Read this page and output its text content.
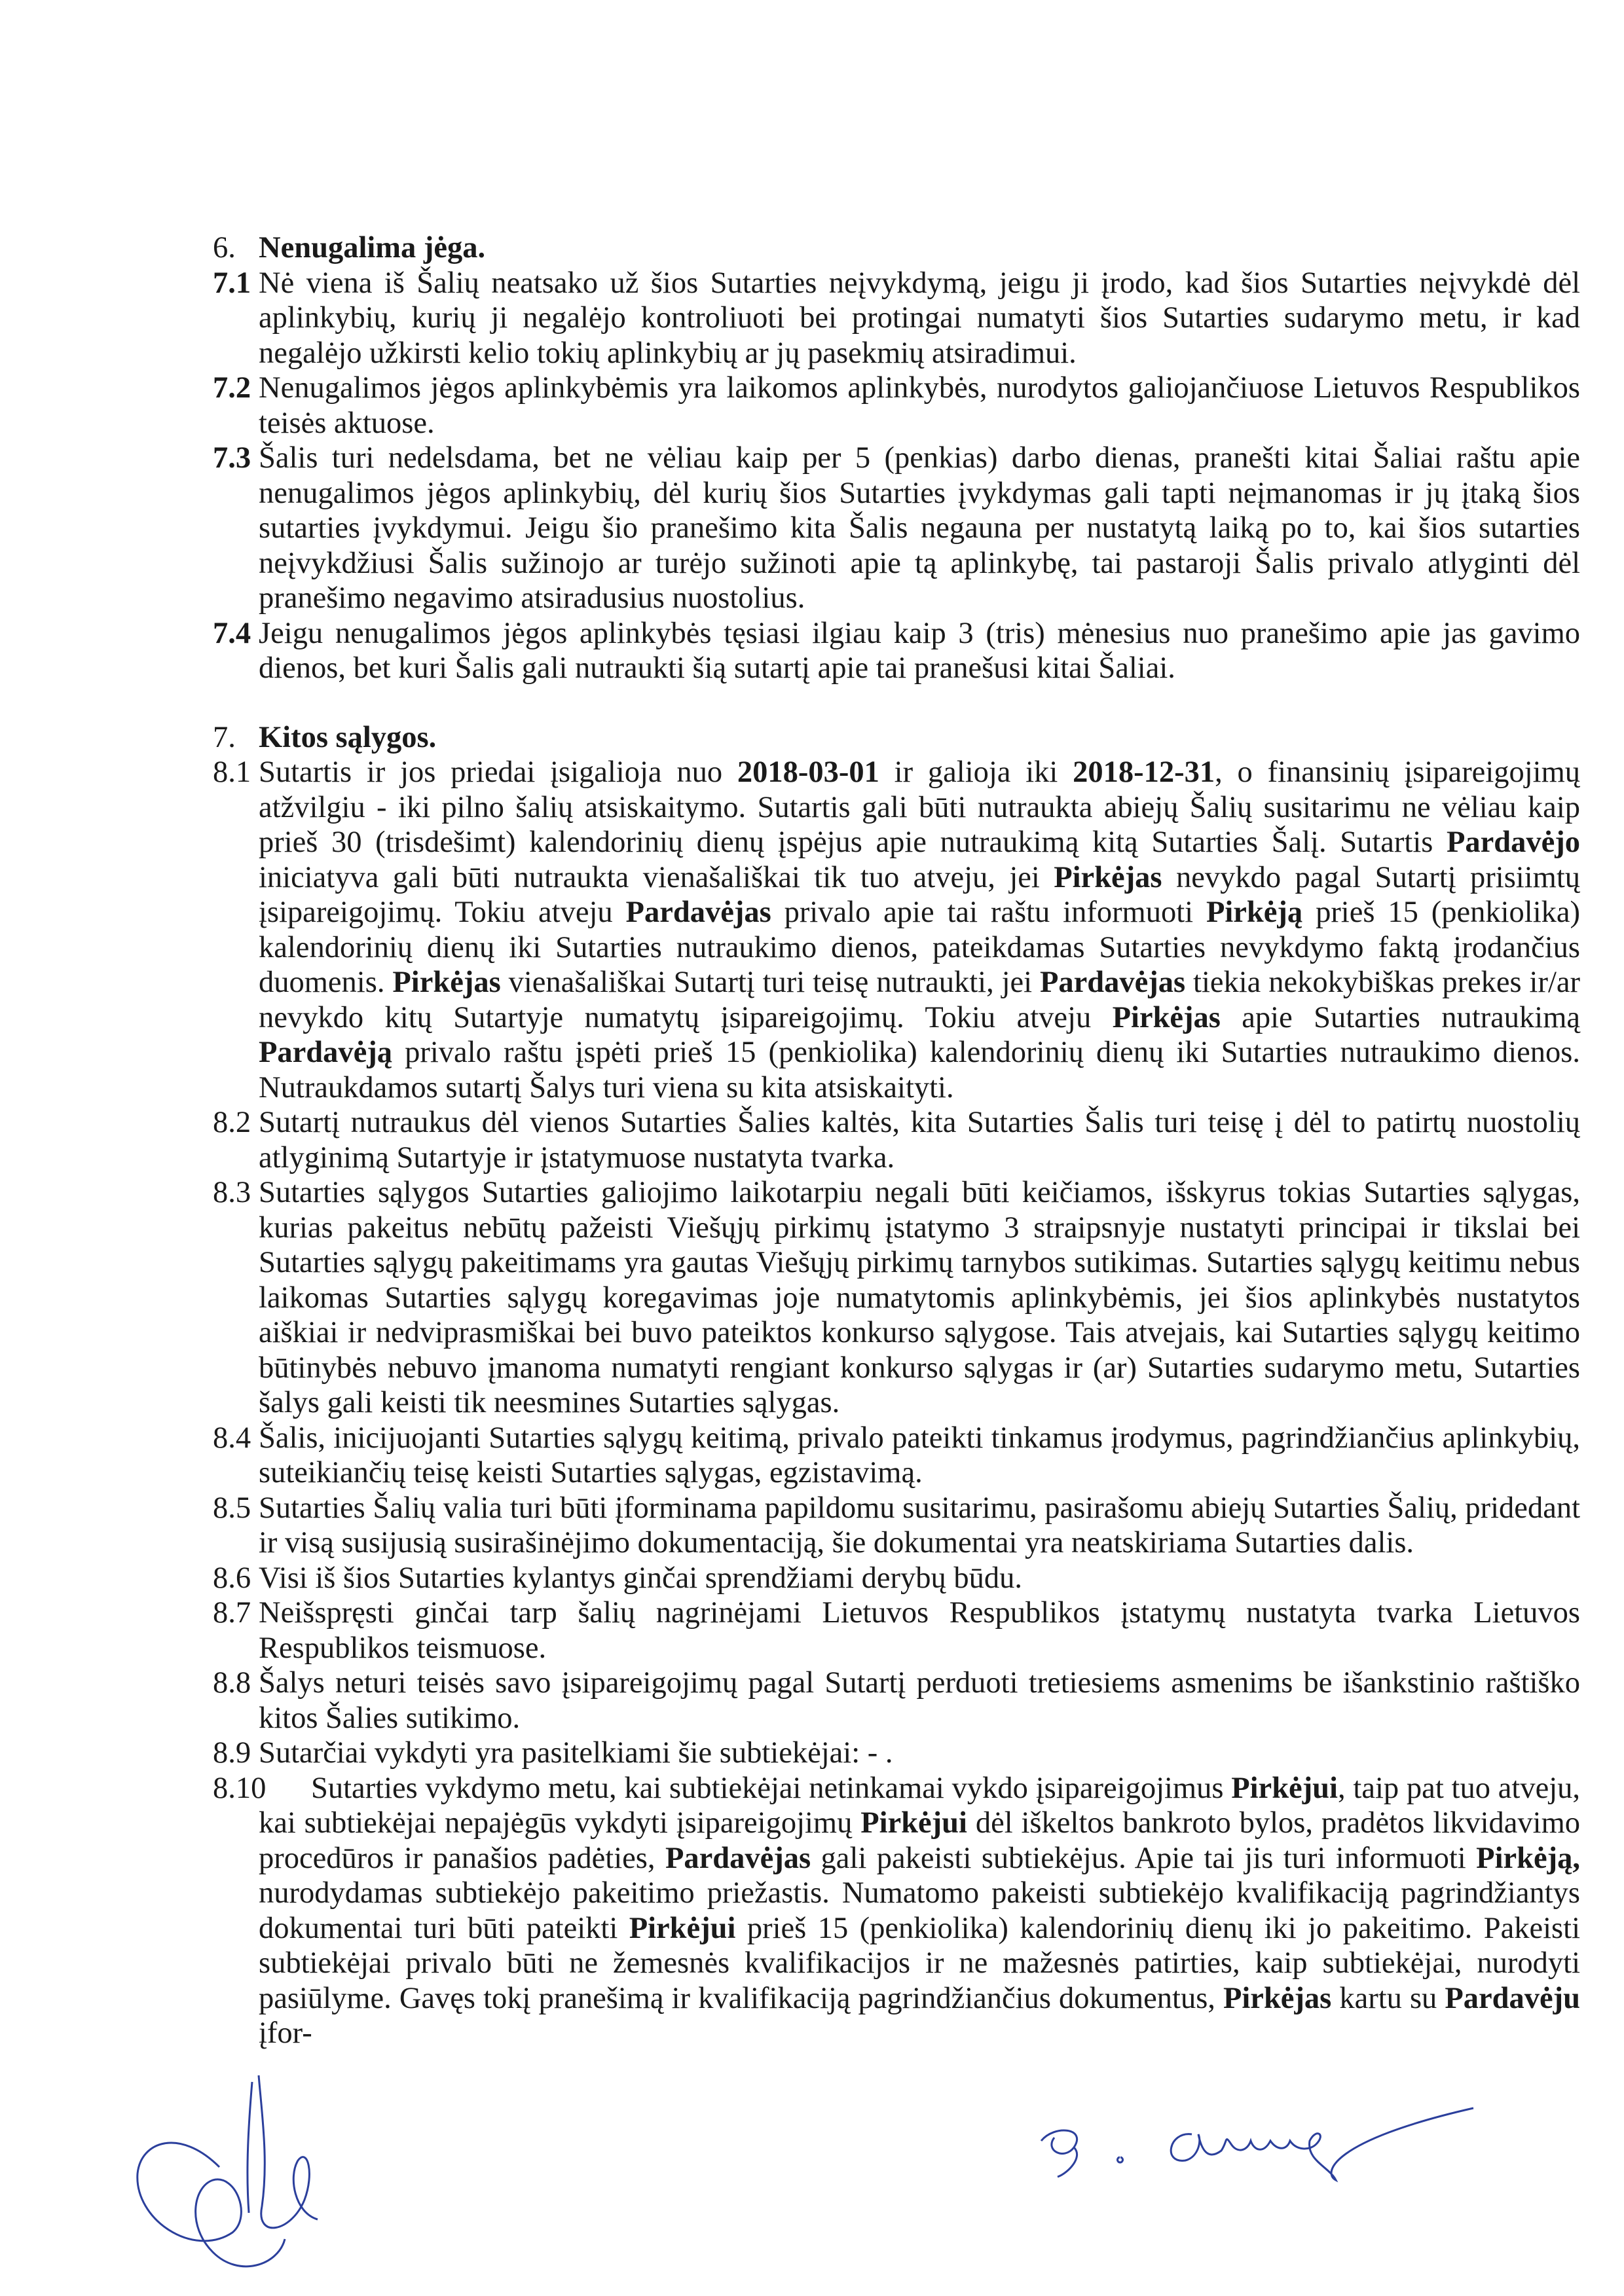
6. Nenugalima jėga.
7.1 Nė viena iš Šalių neatsako už šios Sutarties neįvykdymą, jeigu ji įrodo, kad šios Sutarties neįvykdė dėl aplinkybių, kurių ji negalėjo kontroliuoti bei protingai numatyti šios Sutarties sudarymo metu, ir kad negalėjo užkirsti kelio tokių aplinkybių ar jų pasekmių atsiradimui.
7.2 Nenugalimos jėgos aplinkybėmis yra laikomos aplinkybės, nurodytos galiojančiuose Lietuvos Respublikos teisės aktuose.
7.3 Šalis turi nedelsdama, bet ne vėliau kaip per 5 (penkias) darbo dienas, pranešti kitai Šaliai raštu apie nenugalimos jėgos aplinkybių, dėl kurių šios Sutarties įvykdymas gali tapti neįmanomas ir jų įtaką šios sutarties įvykdymui. Jeigu šio pranešimo kita Šalis negauna per nustatytą laiką po to, kai šios sutarties neįvykdžiusi Šalis sužinojo ar turėjo sužinoti apie tą aplinkybę, tai pastaroji Šalis privalo atlyginti dėl pranešimo negavimo atsiradusius nuostolius.
7.4 Jeigu nenugalimos jėgos aplinkybės tęsiasi ilgiau kaip 3 (tris) mėnesius nuo pranešimo apie jas gavimo dienos, bet kuri Šalis gali nutraukti šią sutartį apie tai pranešusi kitai Šaliai.
7. Kitos sąlygos.
8.1 Sutartis ir jos priedai įsigalioja nuo 2018-03-01 ir galioja iki 2018-12-31, o finansinių įsipareigojimų atžvilgiu - iki pilno šalių atsiskaitymo. Sutartis gali būti nutraukta abiejų Šalių susitarimu ne vėliau kaip prieš 30 (trisdešimt) kalendorinių dienų įspėjus apie nutraukimą kitą Sutarties Šalį. Sutartis Pardavėjo iniciatyva gali būti nutraukta vienašališkai tik tuo atveju, jei Pirkėjas nevykdo pagal Sutartį prisiimtų įsipareigojimų. Tokiu atveju Pardavėjas privalo apie tai raštu informuoti Pirkėją prieš 15 (penkiolika) kalendorinių dienų iki Sutarties nutraukimo dienos, pateikdamas Sutarties nevykdymo faktą įrodančius duomenis. Pirkėjas vienašališkai Sutartį turi teisę nutraukti, jei Pardavėjas tiekia nekokybiškas prekes ir/ar nevykdo kitų Sutartyje numatytų įsipareigojimų. Tokiu atveju Pirkėjas apie Sutarties nutraukimą Pardavėją privalo raštu įspėti prieš 15 (penkiolika) kalendorinių dienų iki Sutarties nutraukimo dienos. Nutraukdamos sutartį Šalys turi viena su kita atsiskaityti.
8.2 Sutartį nutraukus dėl vienos Sutarties Šalies kaltės, kita Sutarties Šalis turi teisę į dėl to patirtų nuostolių atlyginimą Sutartyje ir įstatymuose nustatyta tvarka.
8.3 Sutarties sąlygos Sutarties galiojimo laikotarpiu negali būti keičiamos, išskyrus tokias Sutarties sąlygas, kurias pakeitus nebūtų pažeisti Viešųjų pirkimų įstatymo 3 straipsnyje nustatyti principai ir tikslai bei Sutarties sąlygų pakeitimams yra gautas Viešųjų pirkimų tarnybos sutikimas. Sutarties sąlygų keitimu nebus laikomas Sutarties sąlygų koregavimas joje numatytomis aplinkybėmis, jei šios aplinkybės nustatytos aiškiai ir nedviprasmiškai bei buvo pateiktos konkurso sąlygose. Tais atvejais, kai Sutarties sąlygų keitimo būtinybės nebuvo įmanoma numatyti rengiant konkurso sąlygas ir (ar) Sutarties sudarymo metu, Sutarties šalys gali keisti tik neesmines Sutarties sąlygas.
8.4 Šalis, inicijuojanti Sutarties sąlygų keitimą, privalo pateikti tinkamus įrodymus, pagrindžiančius aplinkybių, suteikiančių teisę keisti Sutarties sąlygas, egzistavimą.
8.5 Sutarties Šalių valia turi būti įforminama papildomu susitarimu, pasirašomu abiejų Sutarties Šalių, pridedant ir visą susijusią susirašinėjimo dokumentaciją, šie dokumentai yra neatskiriama Sutarties dalis.
8.6 Visi iš šios Sutarties kylantys ginčai sprendžiami derybų būdu.
8.7 Neišspręsti ginčai tarp šalių nagrinėjami Lietuvos Respublikos įstatymų nustatyta tvarka Lietuvos Respublikos teismuose.
8.8 Šalys neturi teisės savo įsipareigojimų pagal Sutartį perduoti tretiesiems asmenims be išankstinio raštiško kitos Šalies sutikimo.
8.9 Sutarčiai vykdyti yra pasitelkiami šie subtiekėjai: - .
8.10 Sutarties vykdymo metu, kai subtiekėjai netinkamai vykdo įsipareigojimus Pirkėjui, taip pat tuo atveju, kai subtiekėjai nepajėgūs vykdyti įsipareigojimų Pirkėjui dėl iškeltos bankroto bylos, pradėtos likvidavimo procedūros ir panašios padėties, Pardavėjas gali pakeisti subtiekėjus. Apie tai jis turi informuoti Pirkėją, nurodydamas subtiekėjo pakeitimo priežastis. Numatomo pakeisti subtiekėjo kvalifikaciją pagrindžiantys dokumentai turi būti pateikti Pirkėjui prieš 15 (penkiolika) kalendorinių dienų iki jo pakeitimo. Pakeisti subtiekėjai privalo būti ne žemesnės kvalifikacijos ir ne mažesnės patirties, kaip subtiekėjai, nurodyti pasiūlyme. Gavęs tokį pranešimą ir kvalifikaciją pagrindžiančius dokumentus, Pirkėjas kartu su Pardavėju įfor-
